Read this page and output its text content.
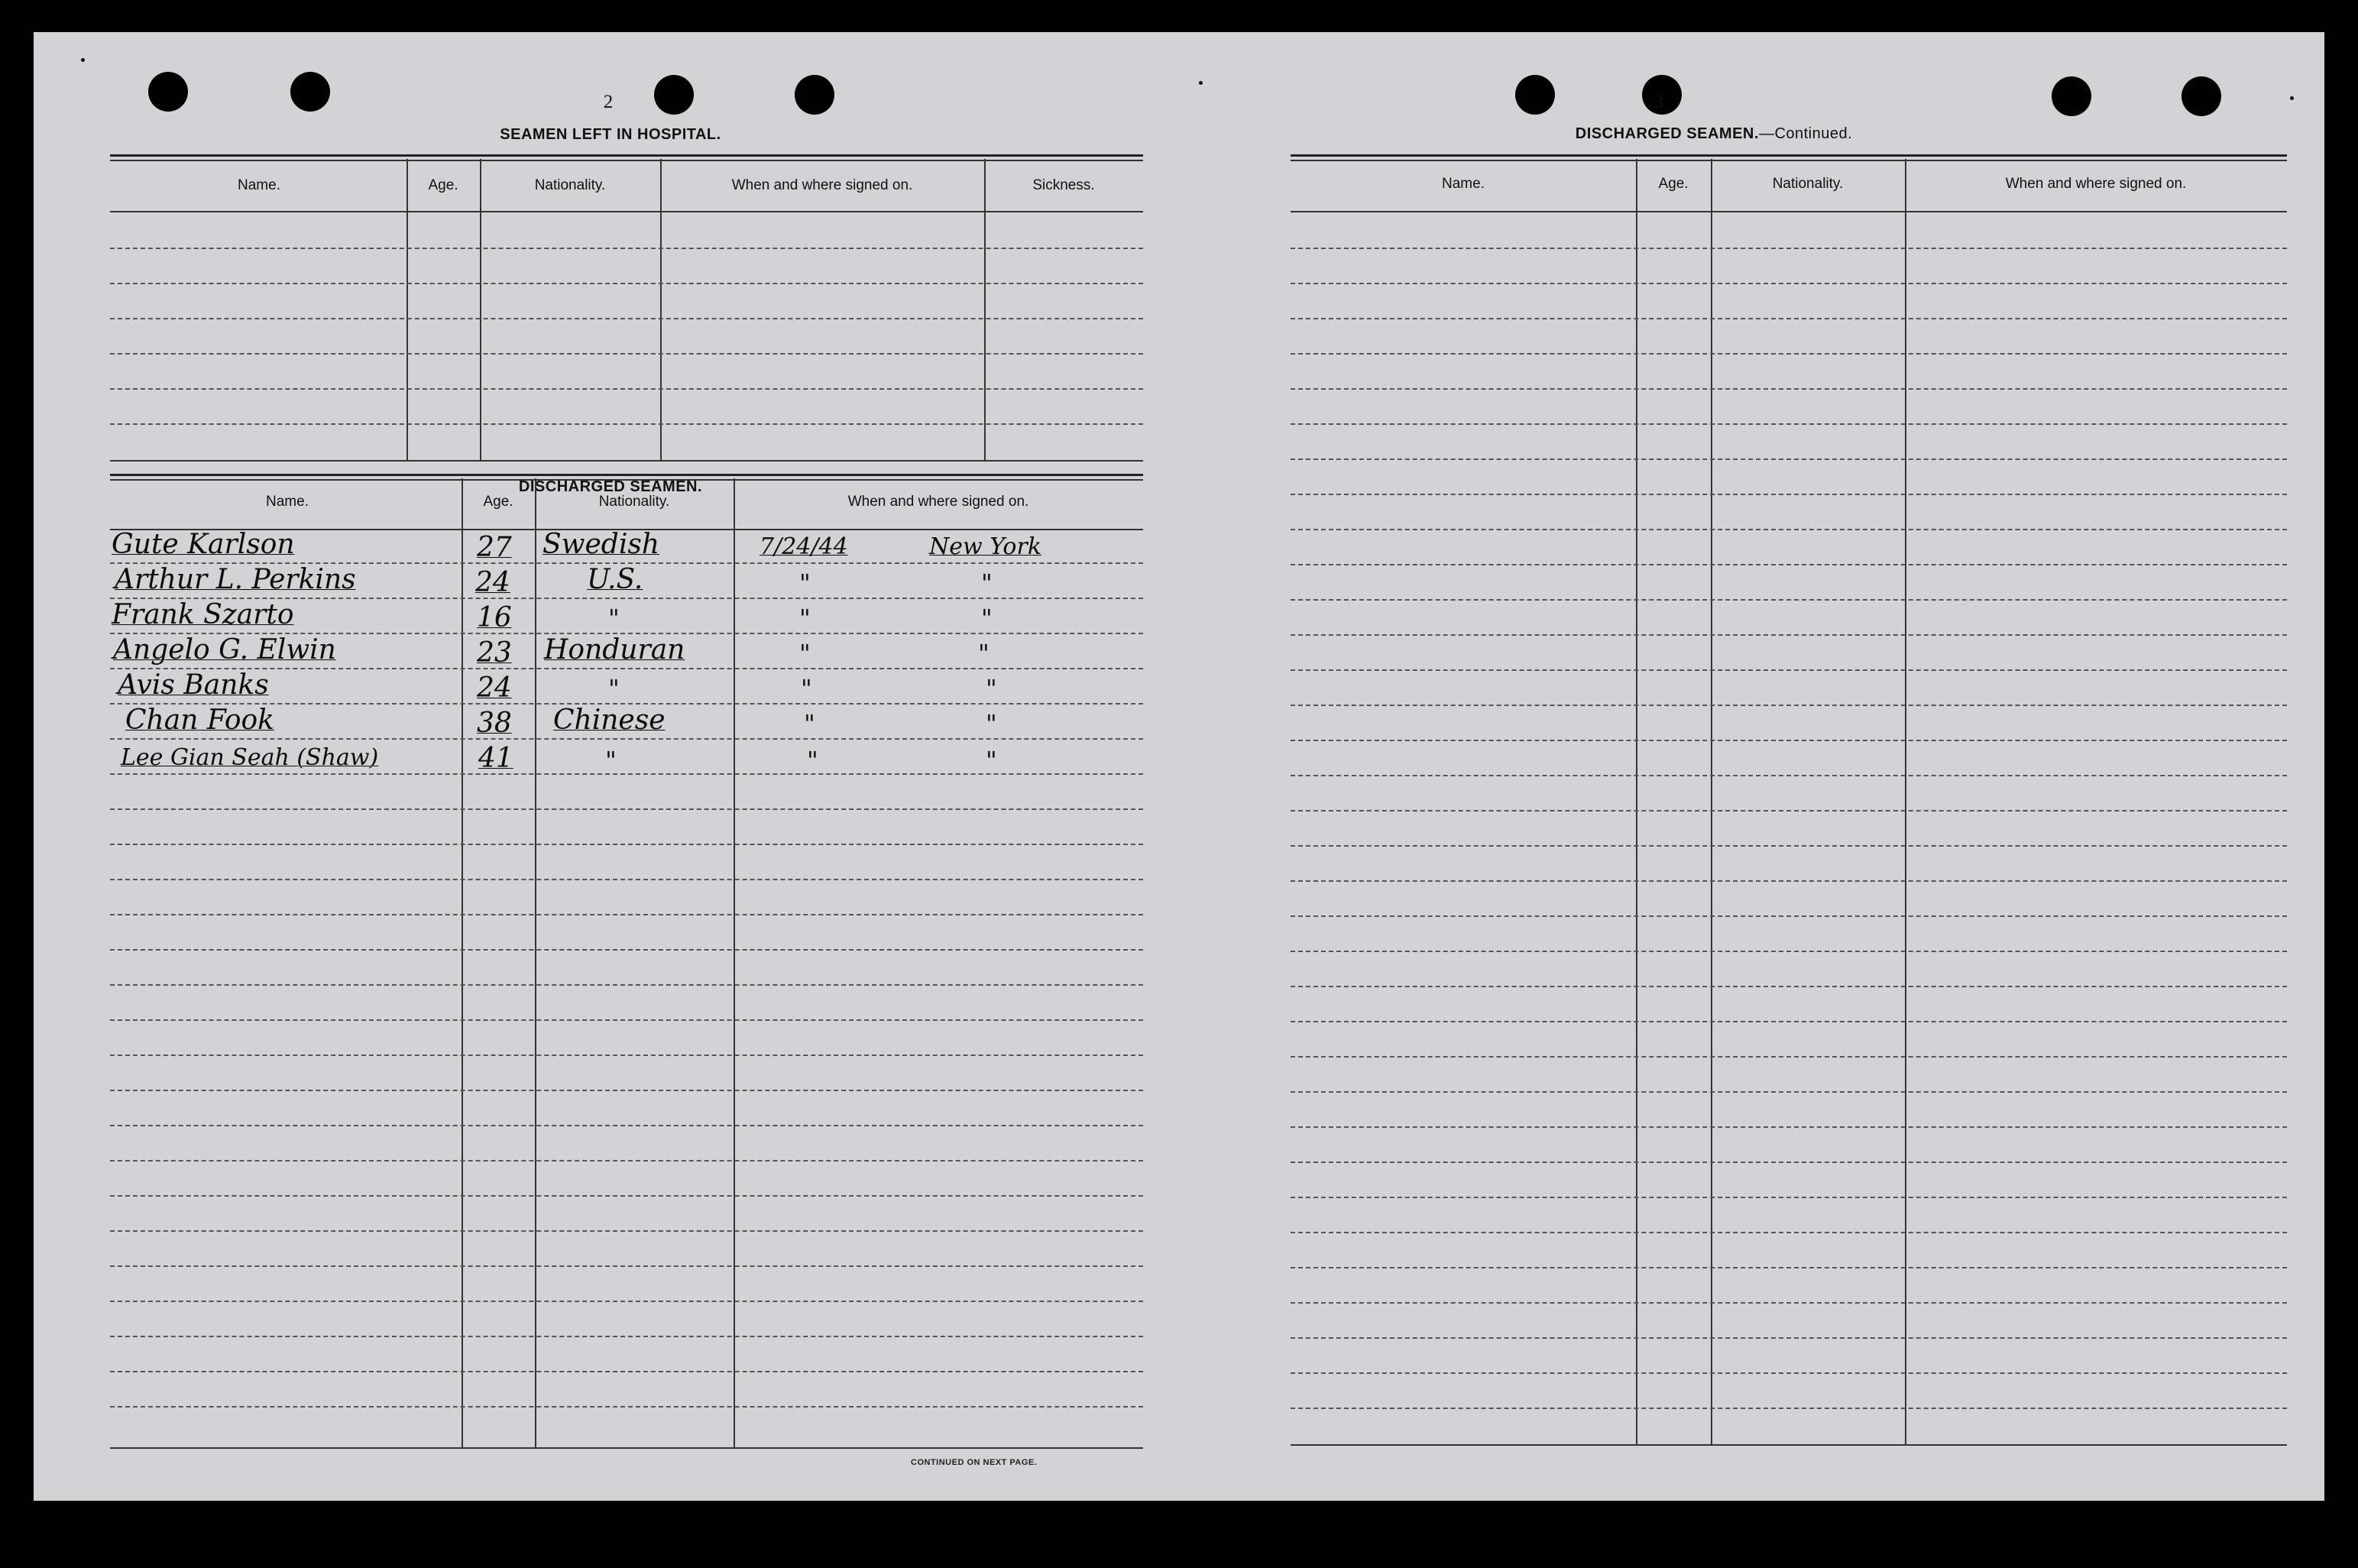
2
SEAMEN LEFT IN HOSPITAL.
Name.	Age.	Nationality.	When and where signed on.	Sickness.
DISCHARGED SEAMEN.
Name.	Age.	Nationality.	When and where signed on.
Gute Karlson	27 Swedish	7/24/44	New York
Arthur L. Perkins	24	U.S.	"	"
Frank Szarto	16	"	"	"
Angelo G. Elwin	23 Honduran	"	"
Avis Banks	24	"	"	"
Chan Fook	38 Chinese	"	"
Lee Gian Seah (Shaw)	41	"	"	"
CONTINUED ON NEXT PAGE.
3
DISCHARGED SEAMEN.—Continued.
Name.	Age.	Nationality.	When and where signed on.
